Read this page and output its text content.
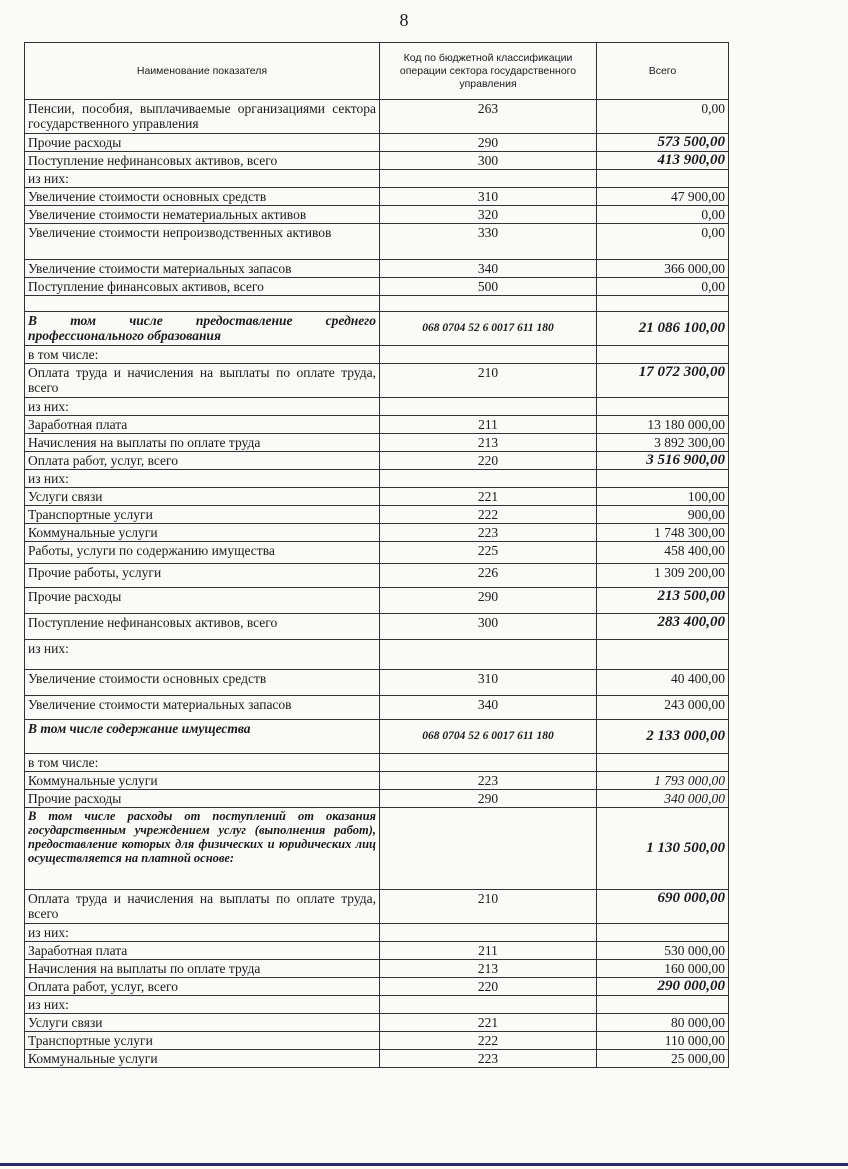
8
Наименование показателя	Код по бюджетной классификации операции сектора государственного управления	Всего
Пенсии, пособия, выплачиваемые организациями сектора государственного управления	263	0,00
Прочие расходы	290	573 500,00
Поступление нефинансовых активов, всего	300	413 900,00
из них:		
Увеличение стоимости основных средств	310	47 900,00
Увеличение стоимости нематериальных активов	320	0,00
Увеличение стоимости непроизводственных активов	330	0,00
Увеличение стоимости материальных запасов	340	366 000,00
Поступление финансовых активов, всего	500	0,00

В том числе предоставление среднего профессионального образования	068 0704 52 6 0017 611 180	21 086 100,00
в том числе:		
Оплата труда и начисления на выплаты по оплате труда, всего	210	17 072 300,00
из них:		
Заработная плата	211	13 180 000,00
Начисления на выплаты по оплате труда	213	3 892 300,00
Оплата работ, услуг, всего	220	3 516 900,00
из них:		
Услуги связи	221	100,00
Транспортные услуги	222	900,00
Коммунальные услуги	223	1 748 300,00
Работы, услуги по содержанию имущества	225	458 400,00
Прочие работы, услуги	226	1 309 200,00
Прочие расходы	290	213 500,00
Поступление нефинансовых активов, всего	300	283 400,00
из них:		
Увеличение стоимости основных средств	310	40 400,00
Увеличение стоимости материальных запасов	340	243 000,00
В том числе содержание имущества	068 0704 52 6 0017 611 180	2 133 000,00
в том числе:		
Коммунальные услуги	223	1 793 000,00
Прочие расходы	290	340 000,00
В том числе расходы от поступлений от оказания государственным учреждением услуг (выполнения работ), предоставление которых для физических и юридических лиц осуществляется на платной основе:		1 130 500,00
Оплата труда и начисления на выплаты по оплате труда, всего	210	690 000,00
из них:		
Заработная плата	211	530 000,00
Начисления на выплаты по оплате труда	213	160 000,00
Оплата работ, услуг, всего	220	290 000,00
из них:		
Услуги связи	221	80 000,00
Транспортные услуги	222	110 000,00
Коммунальные услуги	223	25 000,00
